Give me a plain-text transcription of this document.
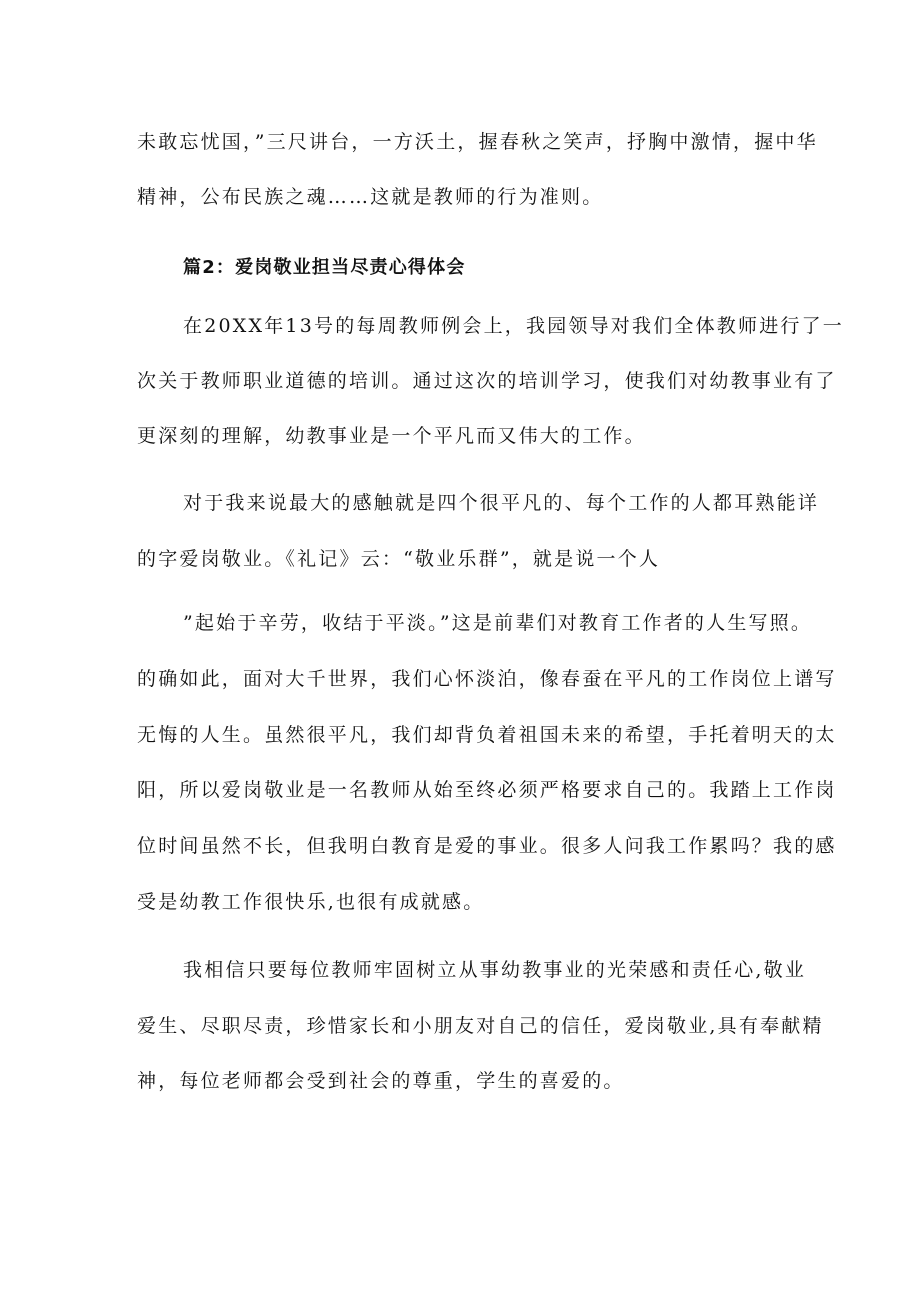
未敢忘忧国，”三尺讲台，一方沃土，握春秋之笑声，抒胸中激情，握中华
精神，公布民族之魂……这就是教师的行为准则。
篇2：爱岗敬业担当尽责心得体会
在20XX年13号的每周教师例会上，我园领导对我们全体教师进行了一
次关于教师职业道德的培训。通过这次的培训学习，使我们对幼教事业有了
更深刻的理解，幼教事业是一个平凡而又伟大的工作。
对于我来说最大的感触就是四个很平凡的、每个工作的人都耳熟能详
的字爱岗敬业。《礼记》云：“敬业乐群”，就是说一个人
”起始于辛劳，收结于平淡。”这是前辈们对教育工作者的人生写照。
的确如此，面对大千世界，我们心怀淡泊，像春蚕在平凡的工作岗位上谱写
无悔的人生。虽然很平凡，我们却背负着祖国未来的希望，手托着明天的太
阳，所以爱岗敬业是一名教师从始至终必须严格要求自己的。我踏上工作岗
位时间虽然不长，但我明白教育是爱的事业。很多人问我工作累吗？我的感
受是幼教工作很快乐,也很有成就感。
我相信只要每位教师牢固树立从事幼教事业的光荣感和责任心,敬业
爱生、尽职尽责，珍惜家长和小朋友对自己的信任，爱岗敬业,具有奉献精
神，每位老师都会受到社会的尊重，学生的喜爱的。
